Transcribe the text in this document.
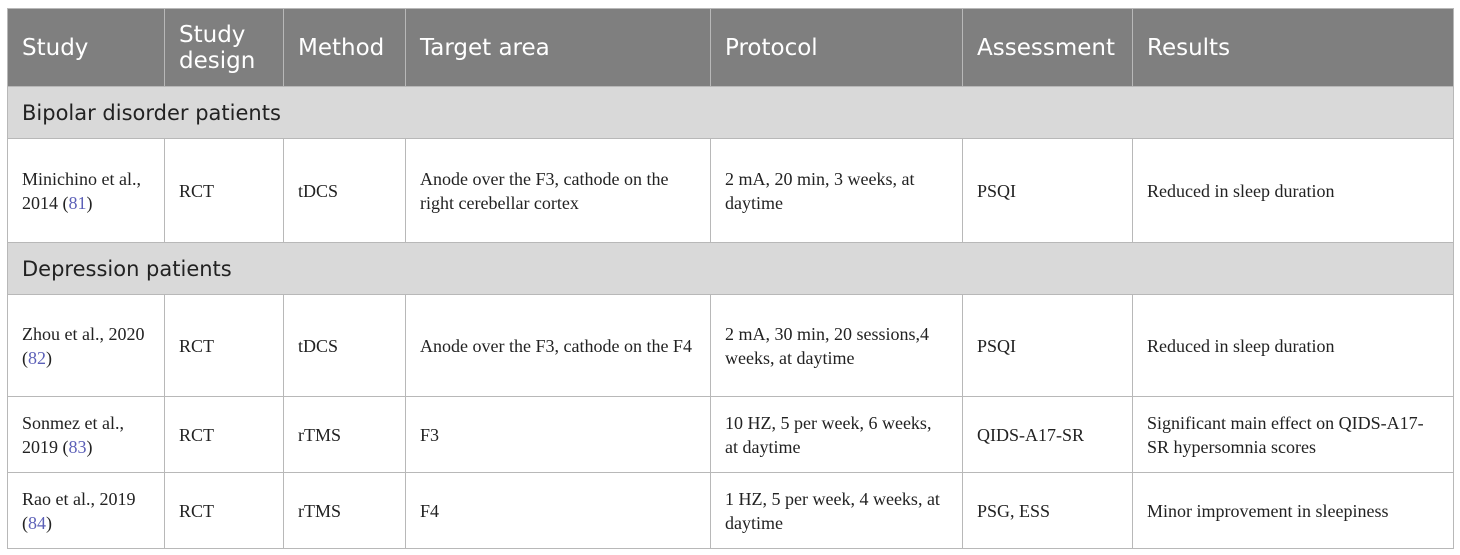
Study	Study design	Method	Target area	Protocol	Assessment	Results
Bipolar disorder patients						
Minichino et al., 2014 (81)	RCT	tDCS	Anode over the F3, cathode on the right cerebellar cortex	2 mA, 20 min, 3 weeks, at daytime	PSQI	Reduced in sleep duration
Depression patients						
Zhou et al., 2020 (82)	RCT	tDCS	Anode over the F3, cathode on the F4	2 mA, 30 min, 20 sessions,4 weeks, at daytime	PSQI	Reduced in sleep duration
Sonmez et al., 2019 (83)	RCT	rTMS	F3	10 HZ, 5 per week, 6 weeks, at daytime	QIDS-A17-SR	Significant main effect on QIDS-A17-SR hypersomnia scores
Rao et al., 2019 (84)	RCT	rTMS	F4	1 HZ, 5 per week, 4 weeks, at daytime	PSG, ESS	Minor improvement in sleepiness
